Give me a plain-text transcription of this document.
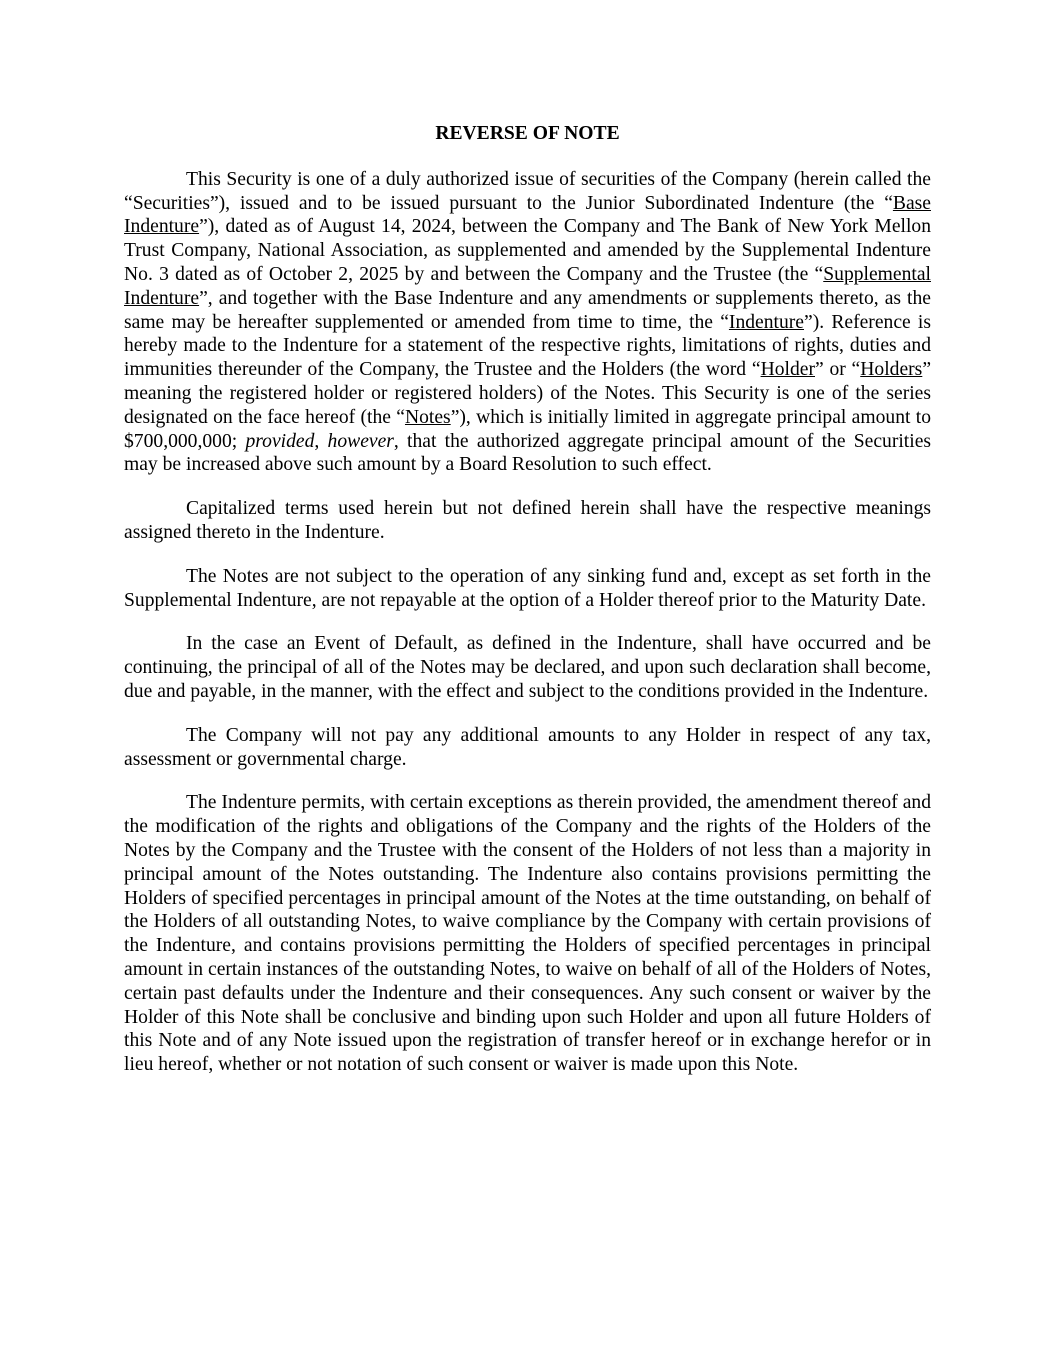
REVERSE OF NOTE

This Security is one of a duly authorized issue of securities of the Company (herein called the “Securities”), issued and to be issued pursuant to the Junior Subordinated Indenture (the “Base Indenture”), dated as of August 14, 2024, between the Company and The Bank of New York Mellon Trust Company, National Association, as supplemented and amended by the Supplemental Indenture No. 3 dated as of October 2, 2025 by and between the Company and the Trustee (the “Supplemental Indenture”, and together with the Base Indenture and any amendments or supplements thereto, as the same may be hereafter supplemented or amended from time to time, the “Indenture”). Reference is hereby made to the Indenture for a statement of the respective rights, limitations of rights, duties and immunities thereunder of the Company, the Trustee and the Holders (the word “Holder” or “Holders” meaning the registered holder or registered holders) of the Notes. This Security is one of the series designated on the face hereof (the “Notes”), which is initially limited in aggregate principal amount to $700,000,000; provided, however, that the authorized aggregate principal amount of the Securities may be increased above such amount by a Board Resolution to such effect.

Capitalized terms used herein but not defined herein shall have the respective meanings assigned thereto in the Indenture.

The Notes are not subject to the operation of any sinking fund and, except as set forth in the Supplemental Indenture, are not repayable at the option of a Holder thereof prior to the Maturity Date.

In the case an Event of Default, as defined in the Indenture, shall have occurred and be continuing, the principal of all of the Notes may be declared, and upon such declaration shall become, due and payable, in the manner, with the effect and subject to the conditions provided in the Indenture.

The Company will not pay any additional amounts to any Holder in respect of any tax, assessment or governmental charge.

The Indenture permits, with certain exceptions as therein provided, the amendment thereof and the modification of the rights and obligations of the Company and the rights of the Holders of the Notes by the Company and the Trustee with the consent of the Holders of not less than a majority in principal amount of the Notes outstanding. The Indenture also contains provisions permitting the Holders of specified percentages in principal amount of the Notes at the time outstanding, on behalf of the Holders of all outstanding Notes, to waive compliance by the Company with certain provisions of the Indenture, and contains provisions permitting the Holders of specified percentages in principal amount in certain instances of the outstanding Notes, to waive on behalf of all of the Holders of Notes, certain past defaults under the Indenture and their consequences. Any such consent or waiver by the Holder of this Note shall be conclusive and binding upon such Holder and upon all future Holders of this Note and of any Note issued upon the registration of transfer hereof or in exchange herefor or in lieu hereof, whether or not notation of such consent or waiver is made upon this Note.
